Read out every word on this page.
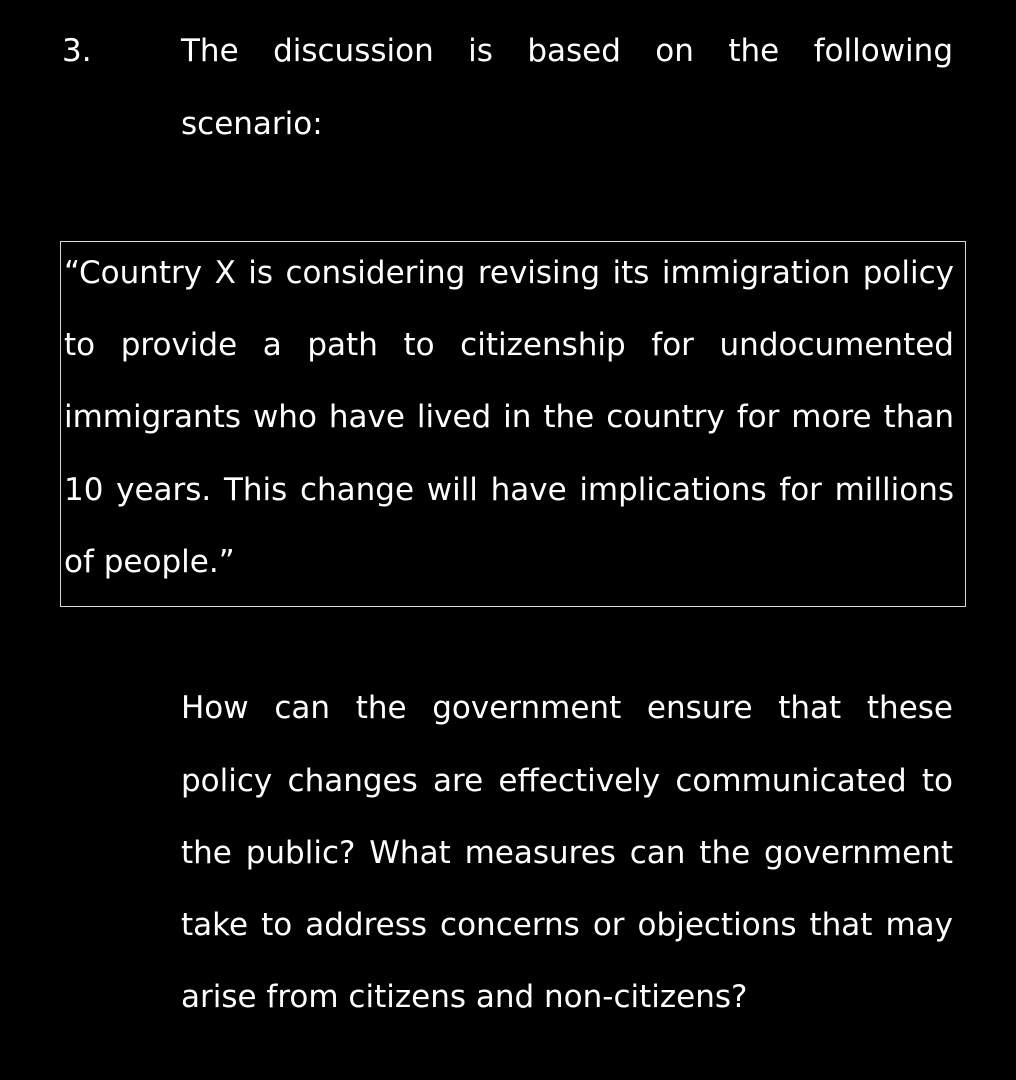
3.	The discussion is based on the following
scenario:
“Country X is considering revising its immigration policy
to provide a path to citizenship for undocumented
immigrants who have lived in the country for more than
10 years. This change will have implications for millions
of people.”
How can the government ensure that these
policy changes are effectively communicated to
the public? What measures can the government
take to address concerns or objections that may
arise from citizens and non-citizens?
